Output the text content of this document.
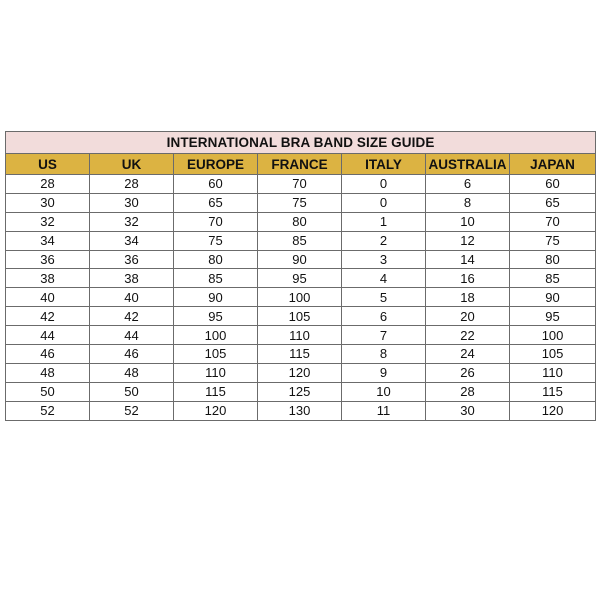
INTERNATIONAL BRA BAND SIZE GUIDE						
US	UK	EUROPE	FRANCE	ITALY	AUSTRALIA	JAPAN
28	28	60	70	0	6	60
30	30	65	75	0	8	65
32	32	70	80	1	10	70
34	34	75	85	2	12	75
36	36	80	90	3	14	80
38	38	85	95	4	16	85
40	40	90	100	5	18	90
42	42	95	105	6	20	95
44	44	100	110	7	22	100
46	46	105	115	8	24	105
48	48	110	120	9	26	110
50	50	115	125	10	28	115
52	52	120	130	11	30	120
